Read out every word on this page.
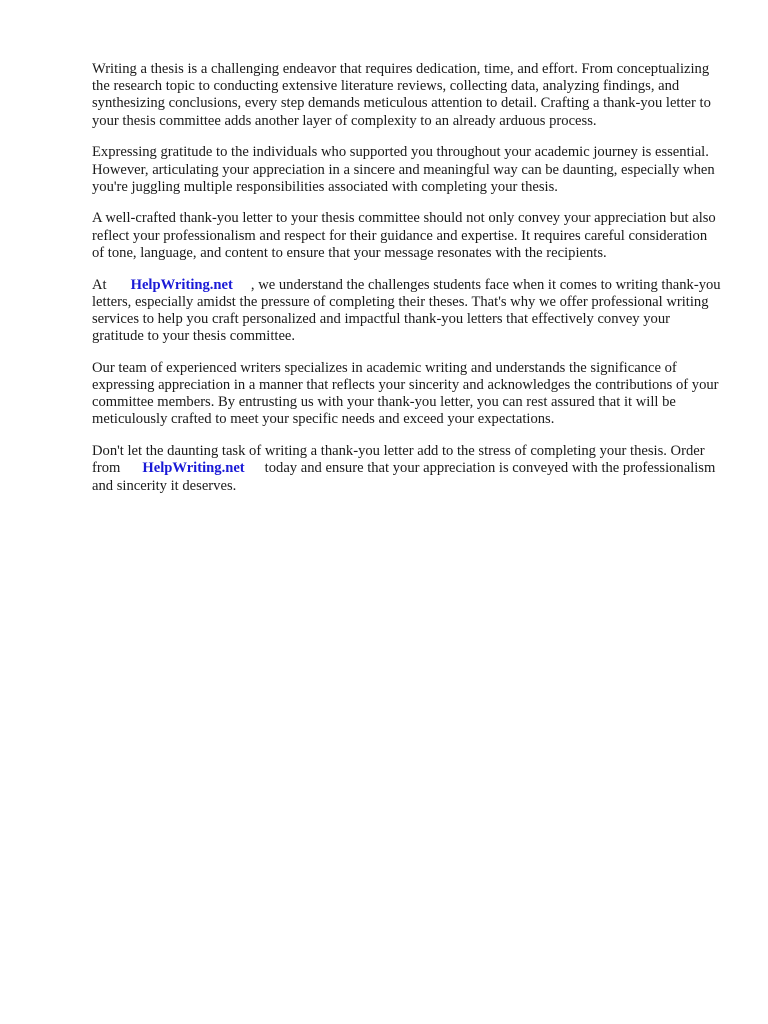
Writing a thesis is a challenging endeavor that requires dedication, time, and effort. From conceptualizing the research topic to conducting extensive literature reviews, collecting data, analyzing findings, and synthesizing conclusions, every step demands meticulous attention to detail. Crafting a thank-you letter to your thesis committee adds another layer of complexity to an already arduous process.

Expressing gratitude to the individuals who supported you throughout your academic journey is essential. However, articulating your appreciation in a sincere and meaningful way can be daunting, especially when you're juggling multiple responsibilities associated with completing your thesis.

A well-crafted thank-you letter to your thesis committee should not only convey your appreciation but also reflect your professionalism and respect for their guidance and expertise. It requires careful consideration of tone, language, and content to ensure that your message resonates with the recipients.

At HelpWriting.net , we understand the challenges students face when it comes to writing thank-you letters, especially amidst the pressure of completing their theses. That's why we offer professional writing services to help you craft personalized and impactful thank-you letters that effectively convey your gratitude to your thesis committee.

Our team of experienced writers specializes in academic writing and understands the significance of expressing appreciation in a manner that reflects your sincerity and acknowledges the contributions of your committee members. By entrusting us with your thank-you letter, you can rest assured that it will be meticulously crafted to meet your specific needs and exceed your expectations.

Don't let the daunting task of writing a thank-you letter add to the stress of completing your thesis. Order from HelpWriting.net today and ensure that your appreciation is conveyed with the professionalism and sincerity it deserves.
